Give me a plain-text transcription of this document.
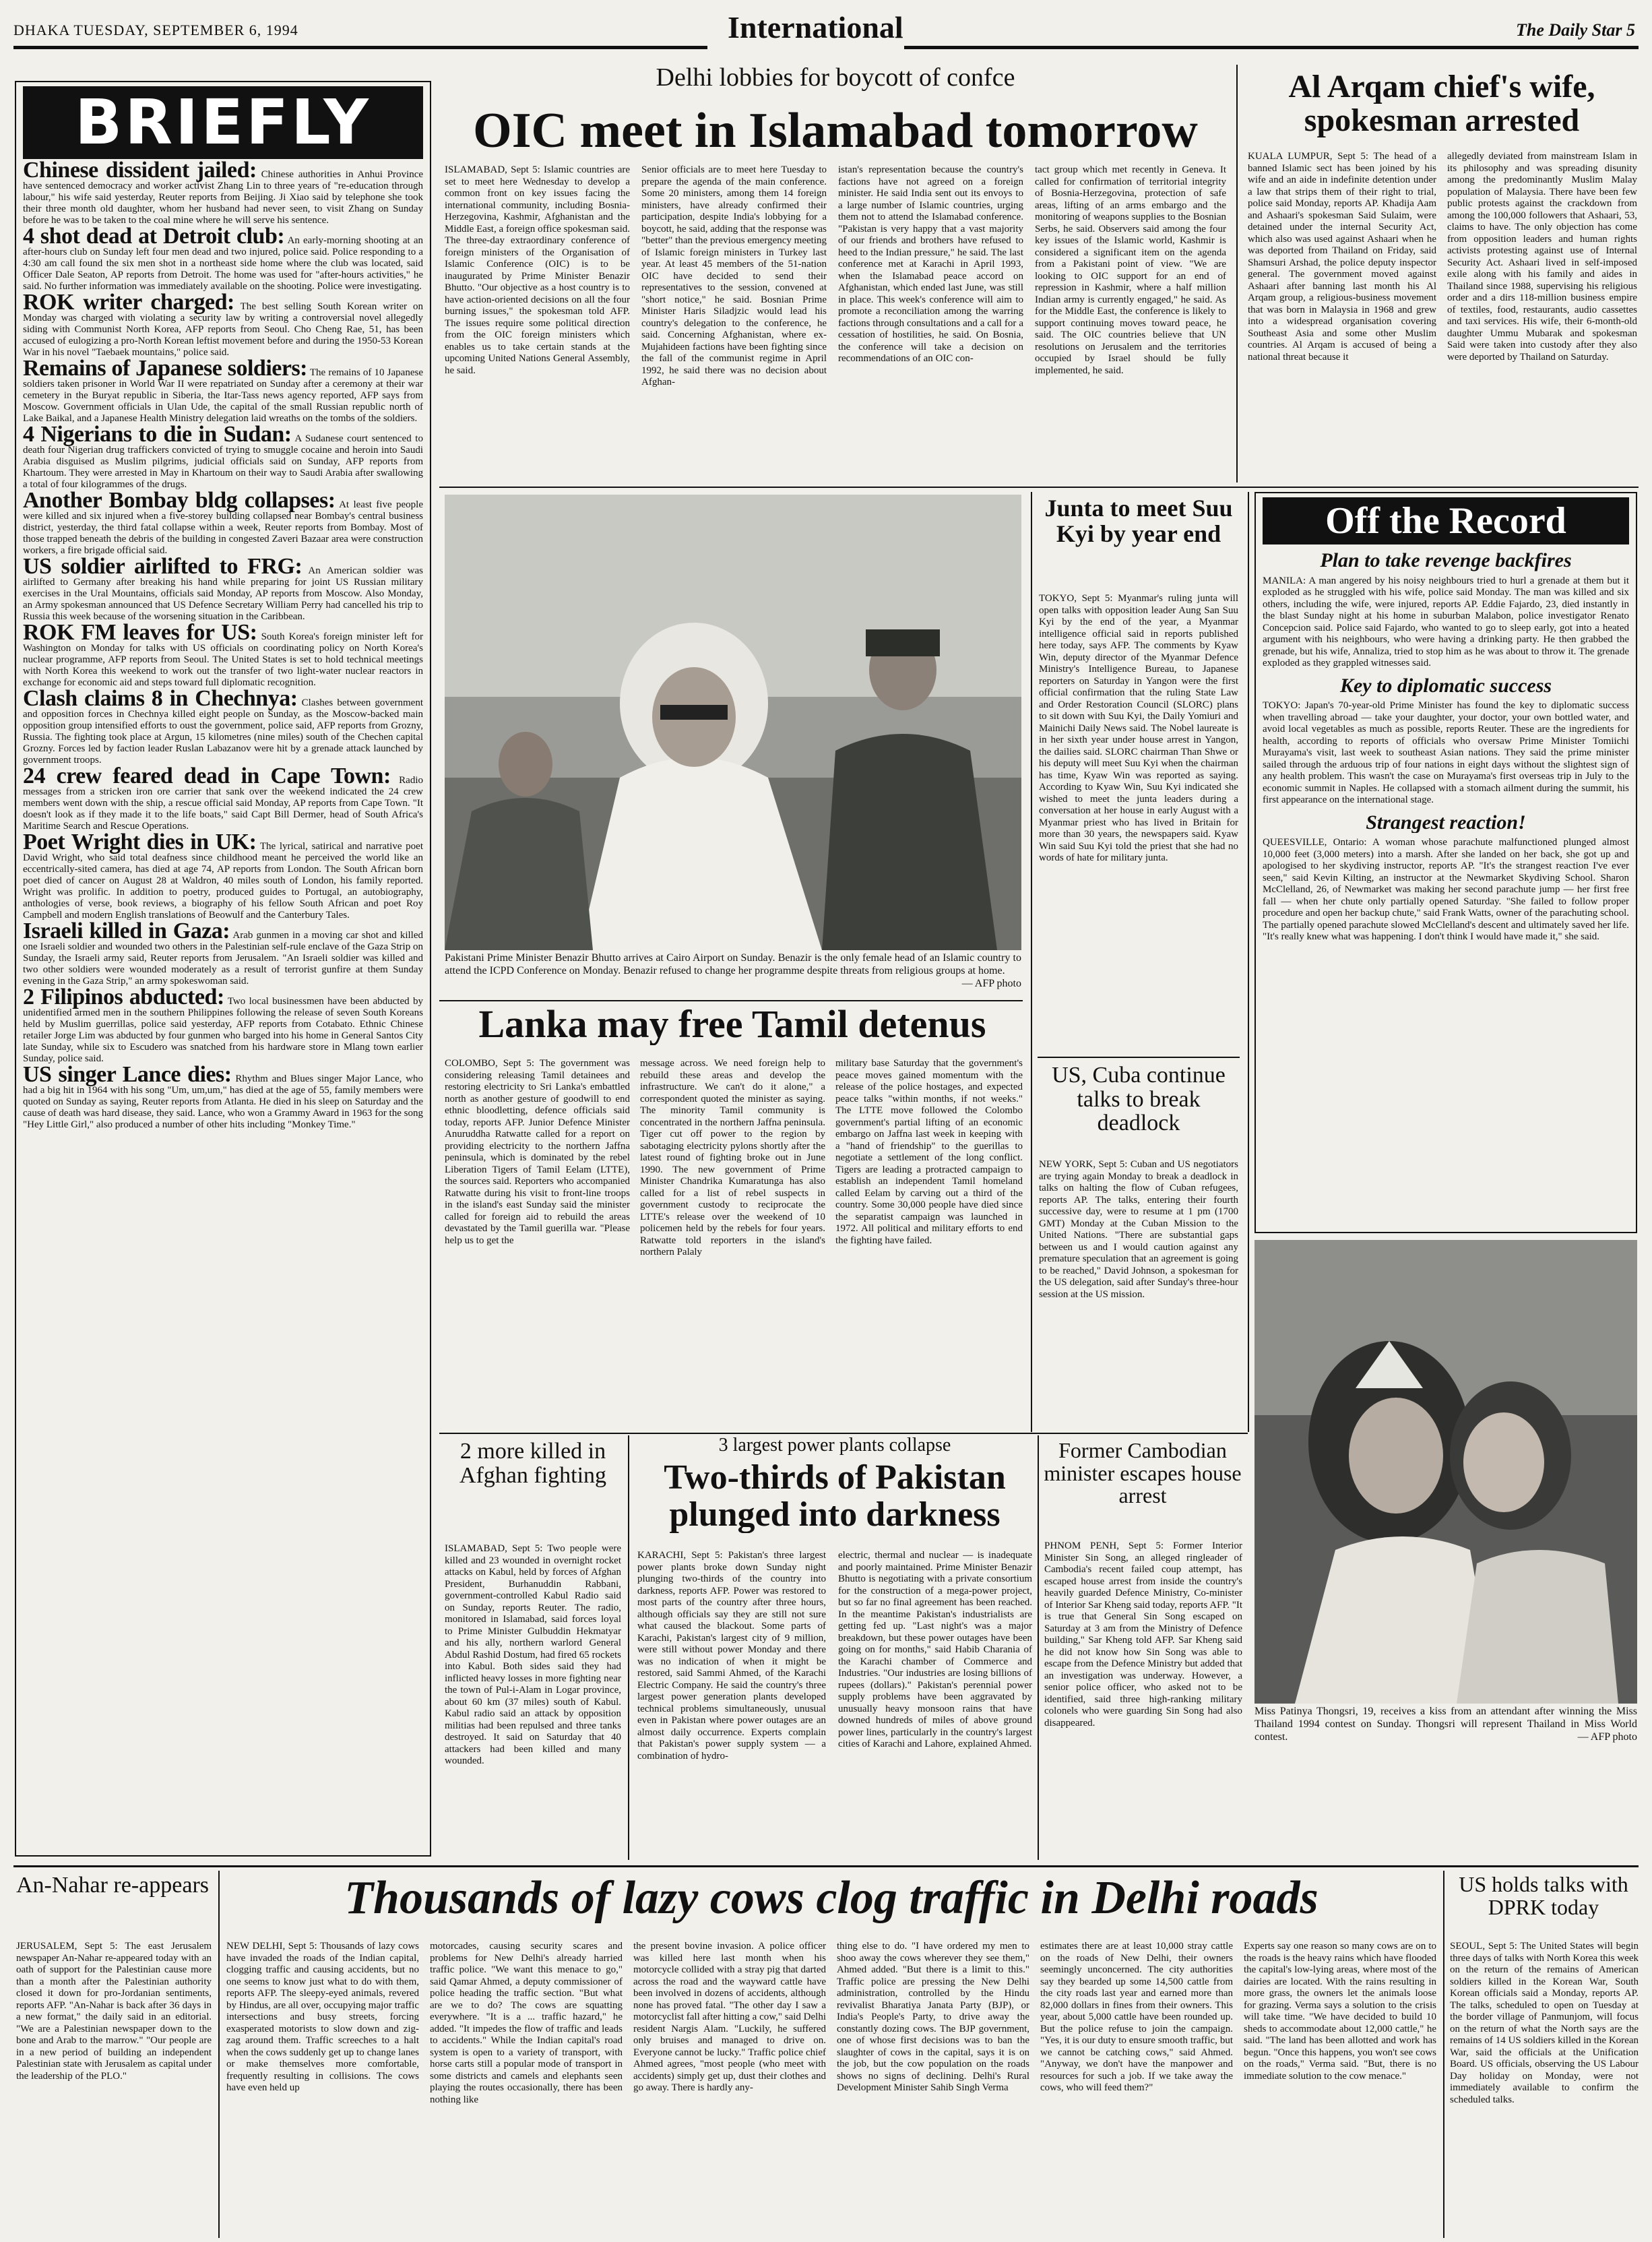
DHAKA TUESDAY, SEPTEMBER 6, 1994	International	The Daily Star 5
BRIEFLY

Chinese dissident jailed: Chinese authorities in Anhui Province have sentenced democracy and worker activist Zhang Lin to three years of "re-education through labour," his wife said yesterday, Reuter reports from Beijing. Ji Xiao said by telephone she took their three month old daughter, whom her husband had never seen, to visit Zhang on Sunday before he was to be taken to the coal mine where he will serve his sentence.

4 shot dead at Detroit club: An early-morning shooting at an after-hours club on Sunday left four men dead and two injured, police said. Police responding to a 4:30 am call found the six men shot in a northeast side home where the club was located, said Officer Dale Seaton, AP reports from Detroit. The home was used for "after-hours activities," he said. No further information was immediately available on the shooting. Police were investigating.

ROK writer charged: The best selling South Korean writer on Monday was charged with violating a security law by writing a controversial novel allegedly siding with Communist North Korea, AFP reports from Seoul. Cho Cheng Rae, 51, has been accused of eulogizing a pro-North Korean leftist movement before and during the 1950-53 Korean War in his novel "Taebaek mountains," police said.

Remains of Japanese soldiers: The remains of 10 Japanese soldiers taken prisoner in World War II were repatriated on Sunday after a ceremony at their war cemetery in the Buryat republic in Siberia, the Itar-Tass news agency reported, AFP says from Moscow. Government officials in Ulan Ude, the capital of the small Russian republic north of Lake Baikal, and a Japanese Health Ministry delegation laid wreaths on the tombs of the soldiers.

4 Nigerians to die in Sudan: A Sudanese court sentenced to death four Nigerian drug traffickers convicted of trying to smuggle cocaine and heroin into Saudi Arabia disguised as Muslim pilgrims, judicial officials said on Sunday, AFP reports from Khartoum. They were arrested in May in Khartoum on their way to Saudi Arabia after swallowing a total of four kilogrammes of the drugs.

Another Bombay bldg collapses: At least five people were killed and six injured when a five-storey building collapsed near Bombay's central business district, yesterday, the third fatal collapse within a week, Reuter reports from Bombay. Most of those trapped beneath the debris of the building in congested Zaveri Bazaar area were construction workers, a fire brigade official said.

US soldier airlifted to FRG: An American soldier was airlifted to Germany after breaking his hand while preparing for joint US Russian military exercises in the Ural Mountains, officials said Monday, AP reports from Moscow. Also Monday, an Army spokesman announced that US Defence Secretary William Perry had cancelled his trip to Russia this week because of the worsening situation in the Caribbean.

ROK FM leaves for US: South Korea's foreign minister left for Washington on Monday for talks with US officials on coordinating policy on North Korea's nuclear programme, AFP reports from Seoul. The United States is set to hold technical meetings with North Korea this weekend to work out the transfer of two light-water nuclear reactors in exchange for economic aid and steps toward full diplomatic recognition.

Clash claims 8 in Chechnya: Clashes between government and opposition forces in Chechnya killed eight people on Sunday, as the Moscow-backed main opposition group intensified efforts to oust the government, police said, AFP reports from Grozny, Russia. The fighting took place at Argun, 15 kilometres (nine miles) south of the Chechen capital Grozny. Forces led by faction leader Ruslan Labazanov were hit by a grenade attack launched by government troops.

24 crew feared dead in Cape Town: Radio messages from a stricken iron ore carrier that sank over the weekend indicated the 24 crew members went down with the ship, a rescue official said Monday, AP reports from Cape Town. "It doesn't look as if they made it to the life boats," said Capt Bill Dermer, head of South Africa's Maritime Search and Rescue Operations.

Poet Wright dies in UK: The lyrical, satirical and narrative poet David Wright, who said total deafness since childhood meant he perceived the world like an eccentrically-sited camera, has died at age 74, AP reports from London. The South African born poet died of cancer on August 28 at Waldron, 40 miles south of London, his family reported. Wright was prolific. In addition to poetry, produced guides to Portugal, an autobiography, anthologies of verse, book reviews, a biography of his fellow South African and poet Roy Campbell and modern English translations of Beowulf and the Canterbury Tales.

Israeli killed in Gaza: Arab gunmen in a moving car shot and killed one Israeli soldier and wounded two others in the Palestinian self-rule enclave of the Gaza Strip on Sunday, the Israeli army said, Reuter reports from Jerusalem. "An Israeli soldier was killed and two other soldiers were wounded moderately as a result of terrorist gunfire at them Sunday evening in the Gaza Strip," an army spokeswoman said.

2 Filipinos abducted: Two local businessmen have been abducted by unidentified armed men in the southern Philippines following the release of seven South Koreans held by Muslim guerrillas, police said yesterday, AFP reports from Cotabato. Ethnic Chinese retailer Jorge Lim was abducted by four gunmen who barged into his home in General Santos City late Sunday, while six to Escudero was snatched from his hardware store in Mlang town earlier Sunday, police said.

US singer Lance dies: Rhythm and Blues singer Major Lance, who had a big hit in 1964 with his song "Um, um,um," has died at the age of 55, family members were quoted on Sunday as saying, Reuter reports from Atlanta. He died in his sleep on Saturday and the cause of death was hard disease, they said. Lance, who won a Grammy Award in 1963 for the song "Hey Little Girl," also produced a number of other hits including "Monkey Time."

Delhi lobbies for boycott of confce
OIC meet in Islamabad tomorrow
ISLAMABAD, Sept 5: Islamic countries are set to meet here Wednesday to develop a common front on key issues facing the international community, including Bosnia-Herzegovina, Kashmir, Afghanistan and the Middle East, a foreign office spokesman said. The three-day extraordinary conference of foreign ministers of the Organisation of Islamic Conference (OIC) is to be inaugurated by Prime Minister Benazir Bhutto. "Our objective as a host country is to have action-oriented decisions on all the four burning issues," the spokesman told AFP. The issues require some political direction from the OIC foreign ministers which enables us to take certain stands at the upcoming United Nations General Assembly, he said.
Senior officials are to meet here Tuesday to prepare the agenda of the main conference. Some 20 ministers, among them 14 foreign ministers, have already confirmed their participation, despite India's lobbying for a boycott, he said, adding that the response was "better" than the previous emergency meeting of Islamic foreign ministers in Turkey last year. At least 45 members of the 51-nation OIC have decided to send their representatives to the session, convened at "short notice," he said. Bosnian Prime Minister Haris Siladjzic would lead his country's delegation to the conference, he said. Concerning Afghanistan, where ex-Mujahideen factions have been fighting since the fall of the communist regime in April 1992, he said there was no decision about Afghan-
istan's representation because the country's factions have not agreed on a foreign minister. He said India sent out its envoys to a large number of Islamic countries, urging them not to attend the Islamabad conference. "Pakistan is very happy that a vast majority of our friends and brothers have refused to heed to the Indian pressure," he said. The last conference met at Karachi in April 1993, when the Islamabad peace accord on Afghanistan, which ended last June, was still in place. This week's conference will aim to promote a reconciliation among the warring factions through consultations and a call for a cessation of hostilities, he said. On Bosnia, the conference will take a decision on recommendations of an OIC con-
tact group which met recently in Geneva. It called for confirmation of territorial integrity of Bosnia-Herzegovina, protection of safe areas, lifting of an arms embargo and the monitoring of weapons supplies to the Bosnian Serbs, he said. Observers said among the four key issues of the Islamic world, Kashmir is considered a significant item on the agenda from a Pakistani point of view. "We are looking to OIC support for an end of repression in Kashmir, where a half million Indian army is currently engaged," he said. As for the Middle East, the conference is likely to support continuing moves toward peace, he said. The OIC countries believe that UN resolutions on Jerusalem and the territories occupied by Israel should be fully implemented, he said.
Al Arqam chief's wife, spokesman arrested
KUALA LUMPUR, Sept 5: The head of a banned Islamic sect has been joined by his wife and an aide in indefinite detention under a law that strips them of their right to trial, police said Monday, reports AP. Khadija Aam and Ashaari's spokesman Said Sulaim, were detained under the internal Security Act, which also was used against Ashaari when he was deported from Thailand on Friday, said Shamsuri Arshad, the police deputy inspector general. The government moved against Ashaari after banning last month his Al Arqam group, a religious-business movement that was born in Malaysia in 1968 and grew into a widespread organisation covering Southeast Asia and some other Muslim countries. Al Arqam is accused of being a national threat because it
allegedly deviated from mainstream Islam in its philosophy and was spreading disunity among the predominantly Muslim Malay population of Malaysia. There have been few public protests against the crackdown from among the 100,000 followers that Ashaari, 53, claims to have. The only objection has come from opposition leaders and human rights activists protesting against use of Internal Security Act. Ashaari lived in self-imposed exile along with his family and aides in Thailand since 1988, supervising his religious order and a dirs 118-million business empire of textiles, food, restaurants, audio cassettes and taxi services. His wife, their 6-month-old daughter Ummu Mubarak and spokesman Said were taken into custody after they also were deported by Thailand on Saturday.
Pakistani Prime Minister Benazir Bhutto arrives at Cairo Airport on Sunday. Benazir is the only female head of an Islamic country to attend the ICPD Conference on Monday. Benazir refused to change her programme despite threats from religious groups at home.
— AFP photo
Junta to meet Suu Kyi by year end
TOKYO, Sept 5: Myanmar's ruling junta will open talks with opposition leader Aung San Suu Kyi by the end of the year, a Myanmar intelligence official said in reports published here today, says AFP. The comments by Kyaw Win, deputy director of the Myanmar Defence Ministry's Intelligence Bureau, to Japanese reporters on Saturday in Yangon were the first official confirmation that the ruling State Law and Order Restoration Council (SLORC) plans to sit down with Suu Kyi, the Daily Yomiuri and Mainichi Daily News said. The Nobel laureate is in her sixth year under house arrest in Yangon, the dailies said. SLORC chairman Than Shwe or his deputy will meet Suu Kyi when the chairman has time, Kyaw Win was reported as saying. According to Kyaw Win, Suu Kyi indicated she wished to meet the junta leaders during a conversation at her house in early August with a Myanmar priest who has lived in Britain for more than 30 years, the newspapers said. Kyaw Win said Suu Kyi told the priest that she had no words of hate for military junta.
Off the Record
Plan to take revenge backfires
MANILA: A man angered by his noisy neighbours tried to hurl a grenade at them but it exploded as he struggled with his wife, police said Monday. The man was killed and six others, including the wife, were injured, reports AP. Eddie Fajardo, 23, died instantly in the blast Sunday night at his home in suburban Malabon, police investigator Renato Concepcion said. Police said Fajardo, who wanted to go to sleep early, got into a heated argument with his neighbours, who were having a drinking party. He then grabbed the grenade, but his wife, Annaliza, tried to stop him as he was about to throw it. The grenade exploded as they grappled witnesses said.
Key to diplomatic success
TOKYO: Japan's 70-year-old Prime Minister has found the key to diplomatic success when travelling abroad — take your daughter, your doctor, your own bottled water, and avoid local vegetables as much as possible, reports Reuter. These are the ingredients for health, according to reports of officials who oversaw Prime Minister Tomiichi Murayama's visit, last week to southeast Asian nations. They said the prime minister sailed through the arduous trip of four nations in eight days without the slightest sign of any health problem. This wasn't the case on Murayama's first overseas trip in July to the economic summit in Naples. He collapsed with a stomach ailment during the summit, his first appearance on the international stage.
Strangest reaction!
QUEESVILLE, Ontario: A woman whose parachute malfunctioned plunged almost 10,000 feet (3,000 meters) into a marsh. After she landed on her back, she got up and apologised to her skydiving instructor, reports AP. "It's the strangest reaction I've ever seen," said Kevin Kilting, an instructor at the Newmarket Skydiving School. Sharon McClelland, 26, of Newmarket was making her second parachute jump — her first free fall — when her chute only partially opened Saturday. "She failed to follow proper procedure and open her backup chute," said Frank Watts, owner of the parachuting school. The partially opened parachute slowed McClelland's descent and ultimately saved her life. "It's really knew what was happening. I don't think I would have made it," she said.
Lanka may free Tamil detenus
COLOMBO, Sept 5: The government was considering releasing Tamil detainees and restoring electricity to Sri Lanka's embattled north as another gesture of goodwill to end ethnic bloodletting, defence officials said today, reports AFP. Junior Defence Minister Anuruddha Ratwatte called for a report on providing electricity to the northern Jaffna peninsula, which is dominated by the rebel Liberation Tigers of Tamil Eelam (LTTE), the sources said. Reporters who accompanied Ratwatte during his visit to front-line troops in the island's east Sunday said the minister called for foreign aid to rebuild the areas devastated by the Tamil guerilla war. "Please help us to get the
message across. We need foreign help to rebuild these areas and develop the infrastructure. We can't do it alone," a correspondent quoted the minister as saying. The minority Tamil community is concentrated in the northern Jaffna peninsula. Tiger cut off power to the region by sabotaging electricity pylons shortly after the latest round of fighting broke out in June 1990. The new government of Prime Minister Chandrika Kumaratunga has also called for a list of rebel suspects in government custody to reciprocate the LTTE's release over the weekend of 10 policemen held by the rebels for four years. Ratwatte told reporters in the island's northern Palaly
military base Saturday that the government's peace moves gained momentum with the release of the police hostages, and expected peace talks "within months, if not weeks." The LTTE move followed the Colombo government's partial lifting of an economic embargo on Jaffna last week in keeping with a "hand of friendship" to the guerillas to negotiate a settlement of the long conflict. Tigers are leading a protracted campaign to establish an independent Tamil homeland called Eelam by carving out a third of the country. Some 30,000 people have died since the separatist campaign was launched in 1972. All political and military efforts to end the fighting have failed.
US, Cuba continue talks to break deadlock
NEW YORK, Sept 5: Cuban and US negotiators are trying again Monday to break a deadlock in talks on halting the flow of Cuban refugees, reports AP. The talks, entering their fourth successive day, were to resume at 1 pm (1700 GMT) Monday at the Cuban Mission to the United Nations. "There are substantial gaps between us and I would caution against any premature speculation that an agreement is going to be reached," David Johnson, a spokesman for the US delegation, said after Sunday's three-hour session at the US mission.
Miss Patinya Thongsri, 19, receives a kiss from an attendant after winning the Miss Thailand 1994 contest on Sunday. Thongsri will represent Thailand in Miss World contest.	— AFP photo
2 more killed in Afghan fighting
ISLAMABAD, Sept 5: Two people were killed and 23 wounded in overnight rocket attacks on Kabul, held by forces of Afghan President, Burhanuddin Rabbani, government-controlled Kabul Radio said on Sunday, reports Reuter. The radio, monitored in Islamabad, said forces loyal to Prime Minister Gulbuddin Hekmatyar and his ally, northern warlord General Abdul Rashid Dostum, had fired 65 rockets into Kabul. Both sides said they had inflicted heavy losses in more fighting near the town of Pul-i-Alam in Logar province, about 60 km (37 miles) south of Kabul. Kabul radio said an attack by opposition militias had been repulsed and three tanks destroyed. It said on Saturday that 40 attackers had been killed and many wounded.
3 largest power plants collapse
Two-thirds of Pakistan plunged into darkness
KARACHI, Sept 5: Pakistan's three largest power plants broke down Sunday night plunging two-thirds of the country into darkness, reports AFP. Power was restored to most parts of the country after three hours, although officials say they are still not sure what caused the blackout. Some parts of Karachi, Pakistan's largest city of 9 million, were still without power Monday and there was no indication of when it might be restored, said Sammi Ahmed, of the Karachi Electric Company. He said the country's three largest power generation plants developed technical problems simultaneously, unusual even in Pakistan where power outages are an almost daily occurrence. Experts complain that Pakistan's power supply system — a combination of hydro-
electric, thermal and nuclear — is inadequate and poorly maintained. Prime Minister Benazir Bhutto is negotiating with a private consortium for the construction of a mega-power project, but so far no final agreement has been reached. In the meantime Pakistan's industrialists are getting fed up. "Last night's was a major breakdown, but these power outages have been going on for months," said Habib Charania of the Karachi chamber of Commerce and Industries. "Our industries are losing billions of rupees (dollars)." Pakistan's perennial power supply problems have been aggravated by unusually heavy monsoon rains that have downed hundreds of miles of above ground power lines, particularly in the country's largest cities of Karachi and Lahore, explained Ahmed.
Former Cambodian minister escapes house arrest
PHNOM PENH, Sept 5: Former Interior Minister Sin Song, an alleged ringleader of Cambodia's recent failed coup attempt, has escaped house arrest from inside the country's heavily guarded Defence Ministry, Co-minister of Interior Sar Kheng said today, reports AFP. "It is true that General Sin Song escaped on Saturday at 3 am from the Ministry of Defence building," Sar Kheng told AFP. Sar Kheng said he did not know how Sin Song was able to escape from the Defence Ministry but added that an investigation was underway. However, a senior police officer, who asked not to be identified, said three high-ranking military colonels who were guarding Sin Song had also disappeared.
An-Nahar re-appears
JERUSALEM, Sept 5: The east Jerusalem newspaper An-Nahar re-appeared today with an oath of support for the Palestinian cause more than a month after the Palestinian authority closed it down for pro-Jordanian sentiments, reports AFP. "An-Nahar is back after 36 days in a new format," the daily said in an editorial. "We are a Palestinian newspaper down to the bone and Arab to the marrow." "Our people are in a new period of building an independent Palestinian state with Jerusalem as capital under the leadership of the PLO."
Thousands of lazy cows clog traffic in Delhi roads
NEW DELHI, Sept 5: Thousands of lazy cows have invaded the roads of the Indian capital, clogging traffic and causing accidents, but no one seems to know just what to do with them, reports AFP. The sleepy-eyed animals, revered by Hindus, are all over, occupying major traffic intersections and busy streets, forcing exasperated motorists to slow down and zig-zag around them. Traffic screeches to a halt when the cows suddenly get up to change lanes or make themselves more comfortable, frequently resulting in collisions. The cows have even held up
motorcades, causing security scares and problems for New Delhi's already harried traffic police. "We want this menace to go," said Qamar Ahmed, a deputy commissioner of police heading the traffic section. "But what are we to do? The cows are squatting everywhere. "It is a ... traffic hazard," he added. "It impedes the flow of traffic and leads to accidents." While the Indian capital's road system is open to a variety of transport, with horse carts still a popular mode of transport in some districts and camels and elephants seen playing the routes occasionally, there has been nothing like
the present bovine invasion. A police officer was killed here last month when his motorcycle collided with a stray pig that darted across the road and the wayward cattle have been involved in dozens of accidents, although none has proved fatal. "The other day I saw a motorcyclist fall after hitting a cow," said Delhi resident Nargis Alam. "Luckily, he suffered only bruises and managed to drive on. Everyone cannot be lucky." Traffic police chief Ahmed agrees, "most people (who meet with accidents) simply get up, dust their clothes and go away. There is hardly any-
thing else to do. "I have ordered my men to shoo away the cows wherever they see them," Ahmed added. "But there is a limit to this." Traffic police are pressing the New Delhi administration, controlled by the Hindu revivalist Bharatiya Janata Party (BJP), or India's People's Party, to drive away the constantly dozing cows. The BJP government, one of whose first decisions was to ban the slaughter of cows in the capital, says it is on the job, but the cow population on the roads shows no signs of declining. Delhi's Rural Development Minister Sahib Singh Verma
estimates there are at least 10,000 stray cattle on the roads of New Delhi, their owners seemingly unconcerned. The city authorities say they bearded up some 14,500 cattle from the city roads last year and earned more than 82,000 dollars in fines from their owners. This year, about 5,000 cattle have been rounded up. But the police refuse to join the campaign. "Yes, it is our duty to ensure smooth traffic, but we cannot be catching cows," said Ahmed. "Anyway, we don't have the manpower and resources for such a job. If we take away the cows, who will feed them?"
Experts say one reason so many cows are on to the roads is the heavy rains which have flooded the capital's low-lying areas, where most of the dairies are located. With the rains resulting in more grass, the owners let the animals loose for grazing. Verma says a solution to the crisis will take time. "We have decided to build 10 sheds to accommodate about 12,000 cattle," he said. "The land has been allotted and work has begun. "Once this happens, you won't see cows on the roads," Verma said. "But, there is no immediate solution to the cow menace."
US holds talks with DPRK today
SEOUL, Sept 5: The United States will begin three days of talks with North Korea this week on the return of the remains of American soldiers killed in the Korean War, South Korean officials said a Monday, reports AP. The talks, scheduled to open on Tuesday at the border village of Panmunjom, will focus on the return of what the North says are the remains of 14 US soldiers killed in the Korean War, said the officials at the Unification Board. US officials, observing the US Labour Day holiday on Monday, were not immediately available to confirm the scheduled talks.
